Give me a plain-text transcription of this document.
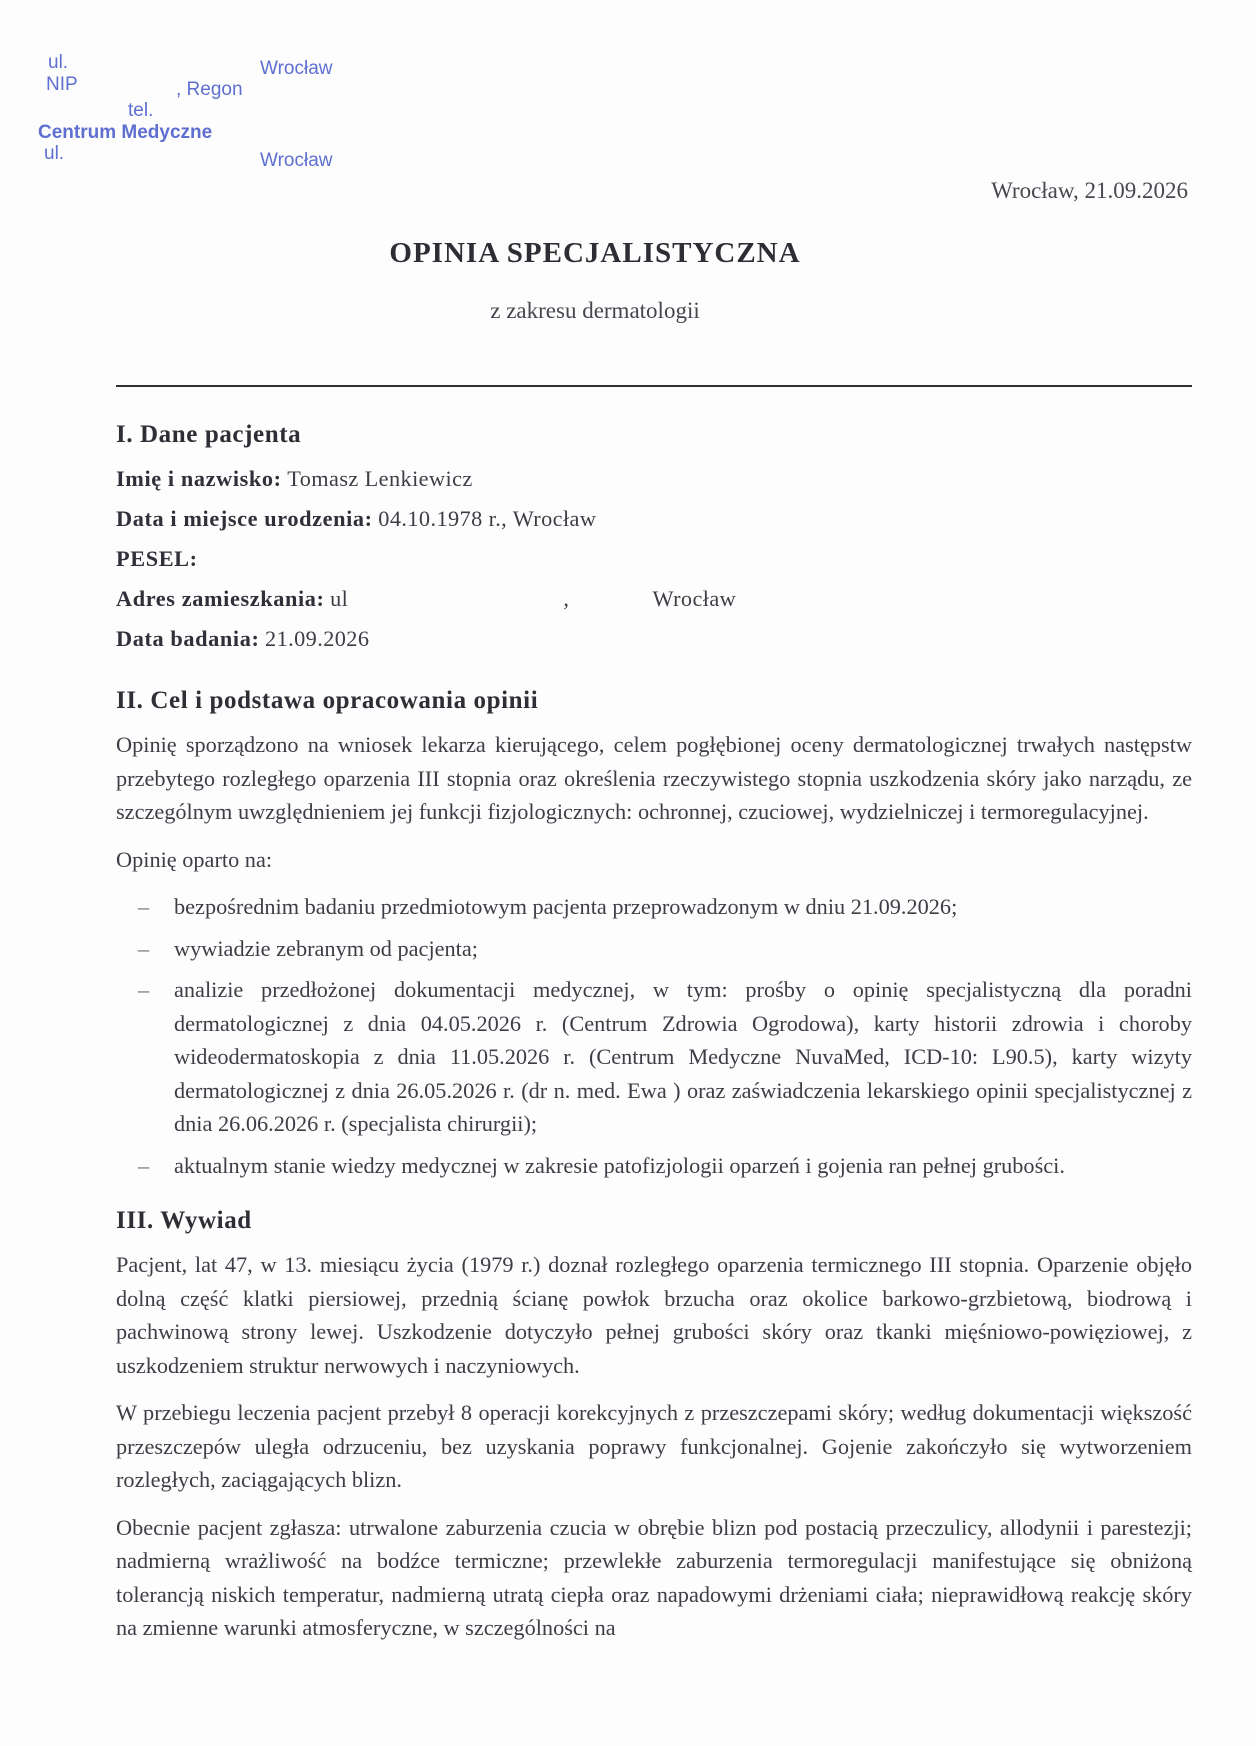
ul.	Wrocław
NIP	, Regon
tel.
Centrum Medyczne
ul.	Wrocław
Wrocław, 21.09.2026
OPINIA SPECJALISTYCZNA
z zakresu dermatologii
I. Dane pacjenta
Imię i nazwisko: Tomasz Lenkiewicz
Data i miejsce urodzenia: 04.10.1978 r., Wrocław
PESEL:
Adres zamieszkania: ul                                    ,              Wrocław
Data badania: 21.09.2026
II. Cel i podstawa opracowania opinii

Opinię sporządzono na wniosek lekarza kierującego, celem pogłębionej oceny dermatologicznej trwałych następstw przebytego rozległego oparzenia III stopnia oraz określenia rzeczywistego stopnia uszkodzenia skóry jako narządu, ze szczególnym uwzględnieniem jej funkcji fizjologicznych: ochronnej, czuciowej, wydzielniczej i termoregulacyjnej.

Opinię oparto na:

– bezpośrednim badaniu przedmiotowym pacjenta przeprowadzonym w dniu 21.09.2026;
– wywiadzie zebranym od pacjenta;
– analizie przedłożonej dokumentacji medycznej, w tym: prośby o opinię specjalistyczną dla poradni dermatologicznej z dnia 04.05.2026 r. (Centrum Zdrowia Ogrodowa), karty historii zdrowia i choroby wideodermatoskopia z dnia 11.05.2026 r. (Centrum Medyczne NuvaMed, ICD-10: L90.5), karty wizyty dermatologicznej z dnia 26.05.2026 r. (dr n. med. Ewa ) oraz zaświadczenia lekarskiego opinii specjalistycznej z dnia 26.06.2026 r. (specjalista chirurgii);
– aktualnym stanie wiedzy medycznej w zakresie patofizjologii oparzeń i gojenia ran pełnej grubości.
III. Wywiad

Pacjent, lat 47, w 13. miesiącu życia (1979 r.) doznał rozległego oparzenia termicznego III stopnia. Oparzenie objęło dolną część klatki piersiowej, przednią ścianę powłok brzucha oraz okolice barkowo-grzbietową, biodrową i pachwinową strony lewej. Uszkodzenie dotyczyło pełnej grubości skóry oraz tkanki mięśniowo-powięziowej, z uszkodzeniem struktur nerwowych i naczyniowych.

W przebiegu leczenia pacjent przebył 8 operacji korekcyjnych z przeszczepami skóry; według dokumentacji większość przeszczepów uległa odrzuceniu, bez uzyskania poprawy funkcjonalnej. Gojenie zakończyło się wytworzeniem rozległych, zaciągających blizn.

Obecnie pacjent zgłasza: utrwalone zaburzenia czucia w obrębie blizn pod postacią przeczulicy, allodynii i parestezji; nadmierną wrażliwość na bodźce termiczne; przewlekłe zaburzenia termoregulacji manifestujące się obniżoną tolerancją niskich temperatur, nadmierną utratą ciepła oraz napadowymi drżeniami ciała; nieprawidłową reakcję skóry na zmienne warunki atmosferyczne, w szczególności na
